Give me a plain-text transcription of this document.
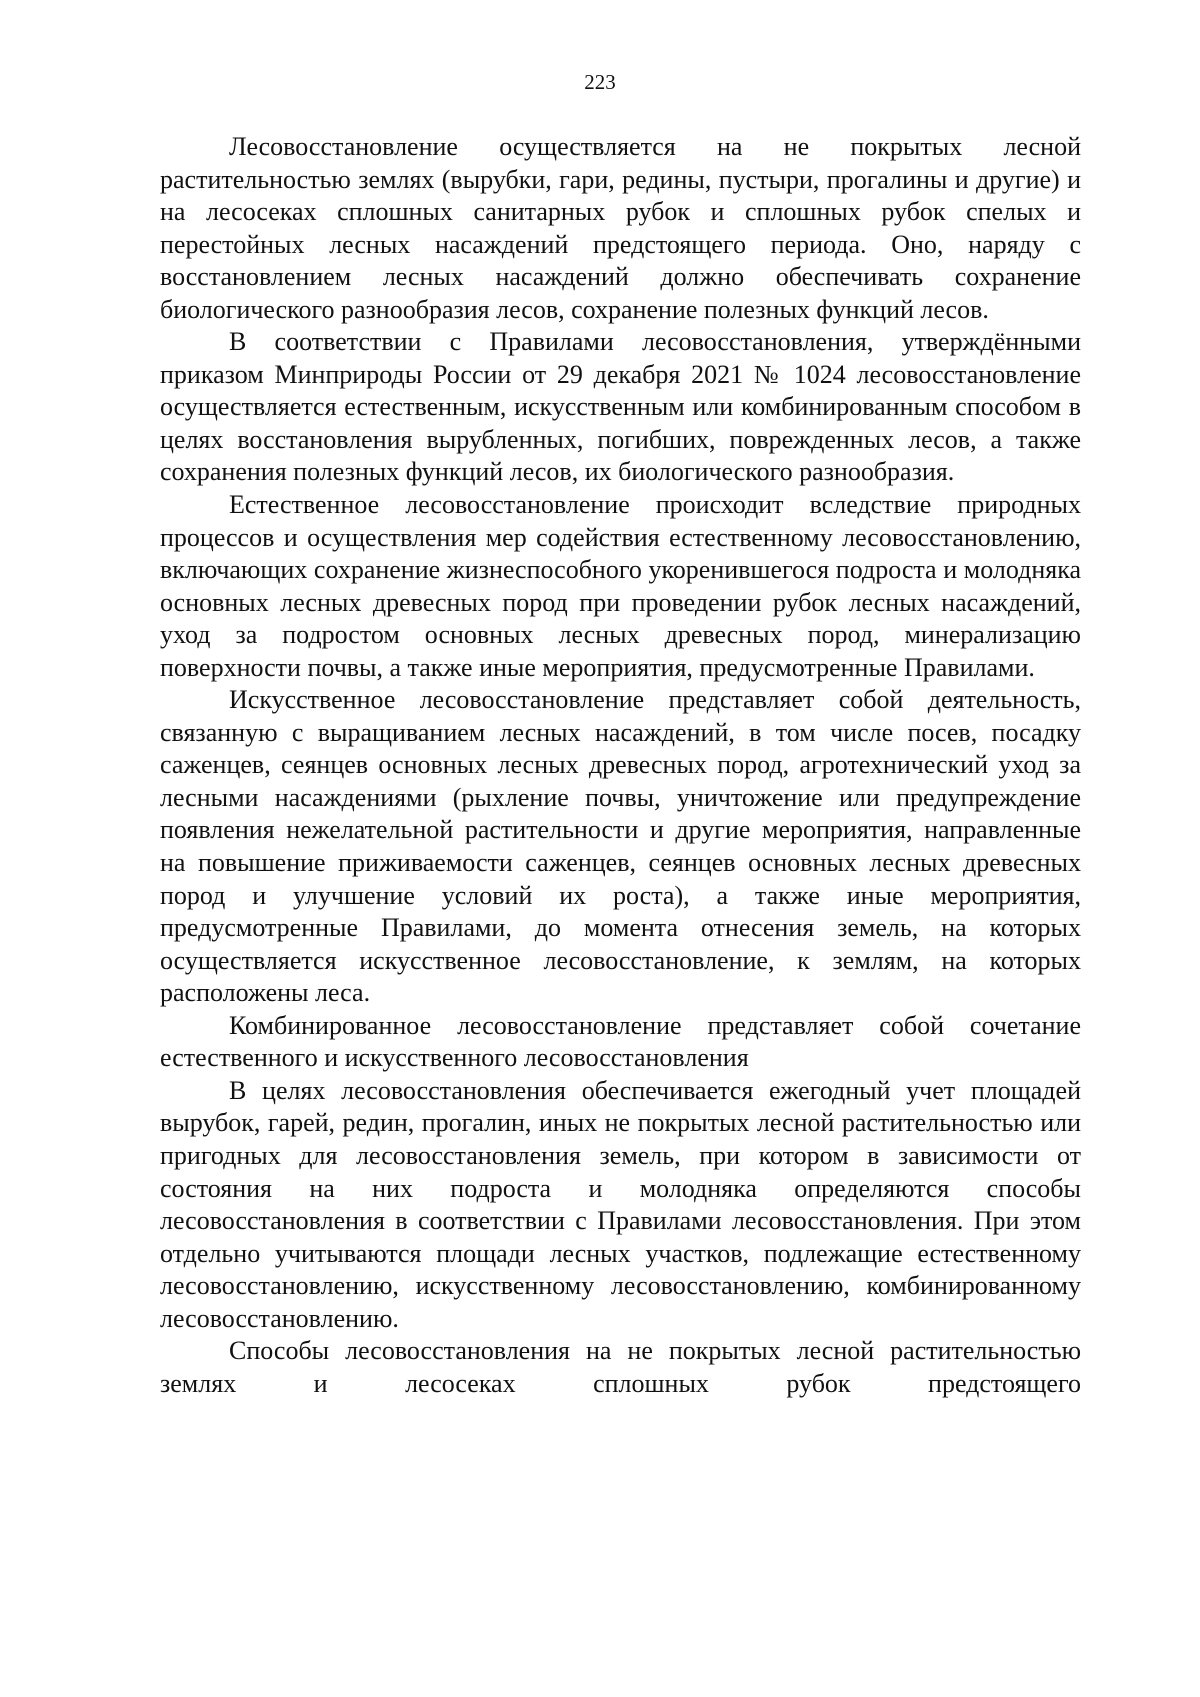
223

Лесовосстановление осуществляется на не покрытых лесной растительностью землях (вырубки, гари, редины, пустыри, прогалины и другие) и на лесосеках сплошных санитарных рубок и сплошных рубок спелых и перестойных лесных насаждений предстоящего периода. Оно, наряду с восстановлением лесных насаждений должно обеспечивать сохранение биологического разнообразия лесов, сохранение полезных функций лесов.

В соответствии с Правилами лесовосстановления, утверждёнными приказом Минприроды России от 29 декабря 2021 № 1024 лесовосстановление осуществляется естественным, искусственным или комбинированным способом в целях восстановления вырубленных, погибших, поврежденных лесов, а также сохранения полезных функций лесов, их биологического разнообразия.

Естественное лесовосстановление происходит вследствие природных процессов и осуществления мер содействия естественному лесовосстановлению, включающих сохранение жизнеспособного укоренившегося подроста и молодняка основных лесных древесных пород при проведении рубок лесных насаждений, уход за подростом основных лесных древесных пород, минерализацию поверхности почвы, а также иные мероприятия, предусмотренные Правилами.

Искусственное лесовосстановление представляет собой деятельность, связанную с выращиванием лесных насаждений, в том числе посев, посадку саженцев, сеянцев основных лесных древесных пород, агротехнический уход за лесными насаждениями (рыхление почвы, уничтожение или предупреждение появления нежелательной растительности и другие мероприятия, направленные на повышение приживаемости саженцев, сеянцев основных лесных древесных пород и улучшение условий их роста), а также иные мероприятия, предусмотренные Правилами, до момента отнесения земель, на которых осуществляется искусственное лесовосстановление, к землям, на которых расположены леса.

Комбинированное лесовосстановление представляет собой сочетание естественного и искусственного лесовосстановления

В целях лесовосстановления обеспечивается ежегодный учет площадей вырубок, гарей, редин, прогалин, иных не покрытых лесной растительностью или пригодных для лесовосстановления земель, при котором в зависимости от состояния на них подроста и молодняка определяются способы лесовосстановления в соответствии с Правилами лесовосстановления. При этом отдельно учитываются площади лесных участков, подлежащие естественному лесовосстановлению, искусственному лесовосстановлению, комбинированному лесовосстановлению.

Способы лесовосстановления на не покрытых лесной растительностью землях и лесосеках сплошных рубок предстоящего
